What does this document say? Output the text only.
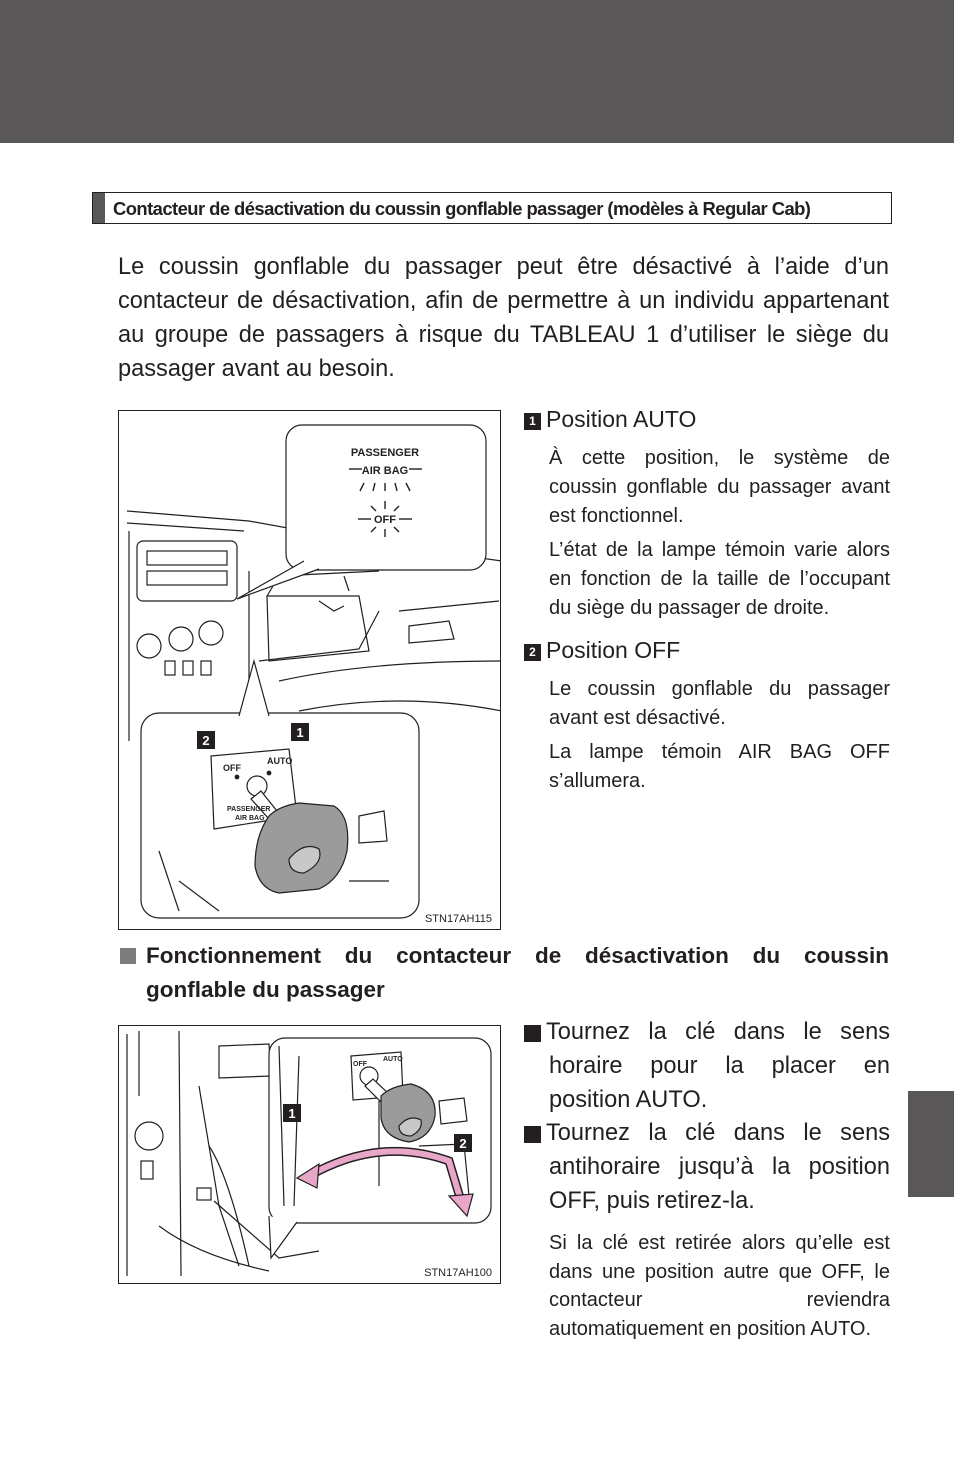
Contacteur de désactivation du coussin gonflable passager (modèles à Regular Cab)

Le coussin gonflable du passager peut être désactivé à l’aide d’un contacteur de désactivation, afin de permettre à un individu appartenant au groupe de passagers à risque du TABLEAU 1 d’utiliser le siège du passager avant au besoin.

PASSENGER
AIR BAG
OFF
OFF
AUTO
PASSENGER
AIR BAG
2
1
STN17AH115

1 Position AUTO

À cette position, le système de coussin gonflable du passager avant est fonctionnel.

L’état de la lampe témoin varie alors en fonction de la taille de l’occupant du siège du passager de droite.

2 Position OFF

Le coussin gonflable du passager avant est désactivé.

La lampe témoin AIR BAG OFF s’allumera.

Fonctionnement du contacteur de désactivation du coussin gonflable du passager

OFF
AUTO
1
2
STN17AH100

1 Tournez la clé dans le sens horaire pour la placer en position AUTO.

2 Tournez la clé dans le sens antihoraire jusqu’à la position OFF, puis retirez-la.

Si la clé est retirée alors qu’elle est dans une position autre que OFF, le contacteur reviendra automatiquement en position AUTO.
